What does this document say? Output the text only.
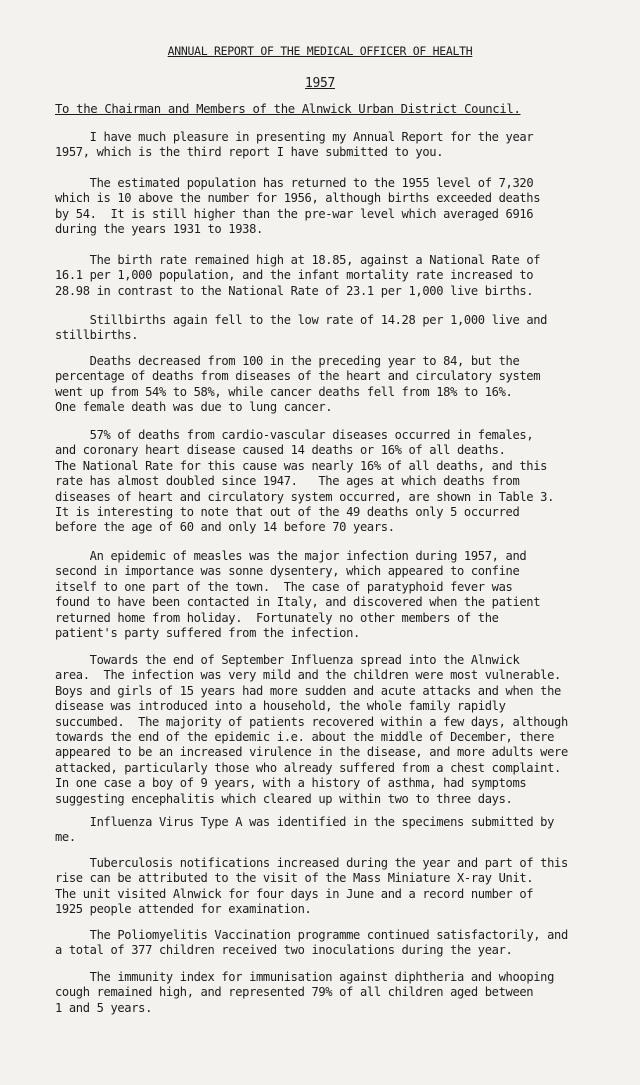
ANNUAL REPORT OF THE MEDICAL OFFICER OF HEALTH
1957
To the Chairman and Members of the Alnwick Urban District Council.

I have much pleasure in presenting my Annual Report for the year
1957, which is the third report I have submitted to you.

The estimated population has returned to the 1955 level of 7,320
which is 10 above the number for 1956, although births exceeded deaths
by 54.  It is still higher than the pre-war level which averaged 6916
during the years 1931 to 1938.

The birth rate remained high at 18.85, against a National Rate of
16.1 per 1,000 population, and the infant mortality rate increased to
28.98 in contrast to the National Rate of 23.1 per 1,000 live births.

Stillbirths again fell to the low rate of 14.28 per 1,000 live and
stillbirths.

Deaths decreased from 100 in the preceding year to 84, but the
percentage of deaths from diseases of the heart and circulatory system
went up from 54% to 58%, while cancer deaths fell from 18% to 16%.
One female death was due to lung cancer.

57% of deaths from cardio-vascular diseases occurred in females,
and coronary heart disease caused 14 deaths or 16% of all deaths.
The National Rate for this cause was nearly 16% of all deaths, and this
rate has almost doubled since 1947.   The ages at which deaths from
diseases of heart and circulatory system occurred, are shown in Table 3.
It is interesting to note that out of the 49 deaths only 5 occurred
before the age of 60 and only 14 before 70 years.

An epidemic of measles was the major infection during 1957, and
second in importance was sonne dysentery, which appeared to confine
itself to one part of the town.  The case of paratyphoid fever was
found to have been contacted in Italy, and discovered when the patient
returned home from holiday.  Fortunately no other members of the
patient's party suffered from the infection.

Towards the end of September Influenza spread into the Alnwick
area.  The infection was very mild and the children were most vulnerable.
Boys and girls of 15 years had more sudden and acute attacks and when the
disease was introduced into a household, the whole family rapidly
succumbed.  The majority of patients recovered within a few days, although
towards the end of the epidemic i.e. about the middle of December, there
appeared to be an increased virulence in the disease, and more adults were
attacked, particularly those who already suffered from a chest complaint.
In one case a boy of 9 years, with a history of asthma, had symptoms
suggesting encephalitis which cleared up within two to three days.

Influenza Virus Type A was identified in the specimens submitted by
me.

Tuberculosis notifications increased during the year and part of this
rise can be attributed to the visit of the Mass Miniature X-ray Unit.
The unit visited Alnwick for four days in June and a record number of
1925 people attended for examination.

The Poliomyelitis Vaccination programme continued satisfactorily, and
a total of 377 children received two inoculations during the year.

The immunity index for immunisation against diphtheria and whooping
cough remained high, and represented 79% of all children aged between
1 and 5 years.
